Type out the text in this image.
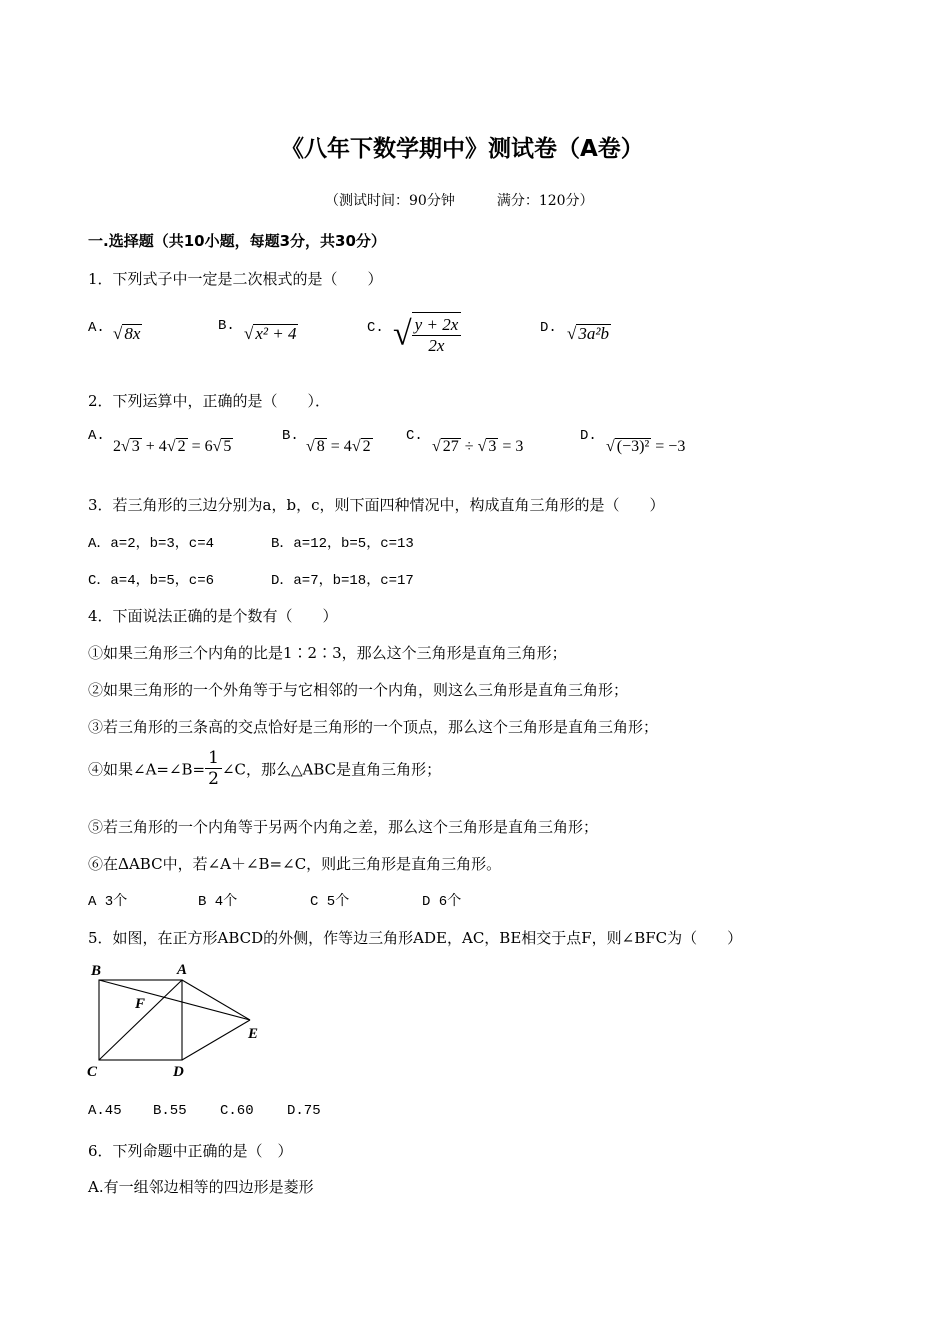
《八年下数学期中》测试卷（A卷）
（测试时间：90分钟　　　满分：120分）
一.选择题（共10小题，每题3分，共30分）
1．下列式子中一定是二次根式的是（　　）
A. √ 8x	B. √ x² + 4	C. √ $\frac{y + 2x}{2x}$	D. √ 3a²b
2．下列运算中，正确的是（　　）．
A.
2√ 3 + 4√ 2 = 6√ 5
B.
√ 8 = 4√ 2
C.
√ 27 ÷ √ 3 = 3
D.
√ (−3)² = −3
3．若三角形的三边分别为a，b，c，则下面四种情况中，构成直角三角形的是（　　）
A．a=2，b=3，c=4	B．a=12，b=5，c=13
C．a=4，b=5，c=6	D．a=7，b=18，c=17
4．下面说法正确的是个数有（　　）
①如果三角形三个内角的比是1∶2∶3，那么这个三角形是直角三角形；
②如果三角形的一个外角等于与它相邻的一个内角，则这么三角形是直角三角形；
③若三角形的三条高的交点恰好是三角形的一个顶点，那么这个三角形是直角三角形；
④如果∠A=∠B= $\frac{1}{2}$ ∠C，那么△ABC是直角三角形；
⑤若三角形的一个内角等于另两个内角之差，那么这个三角形是直角三角形；
⑥在ΔABC中，若∠A＋∠B=∠C，则此三角形是直角三角形。
A 3个	B 4个	C 5个	D 6个
5．如图，在正方形ABCD的外侧，作等边三角形ADE，AC，BE相交于点F，则∠BFC为（　　）
B	A
F
E
C	D
A.45 B.55 C.60 D.75
6．下列命题中正确的是（　）
A.有一组邻边相等的四边形是菱形
